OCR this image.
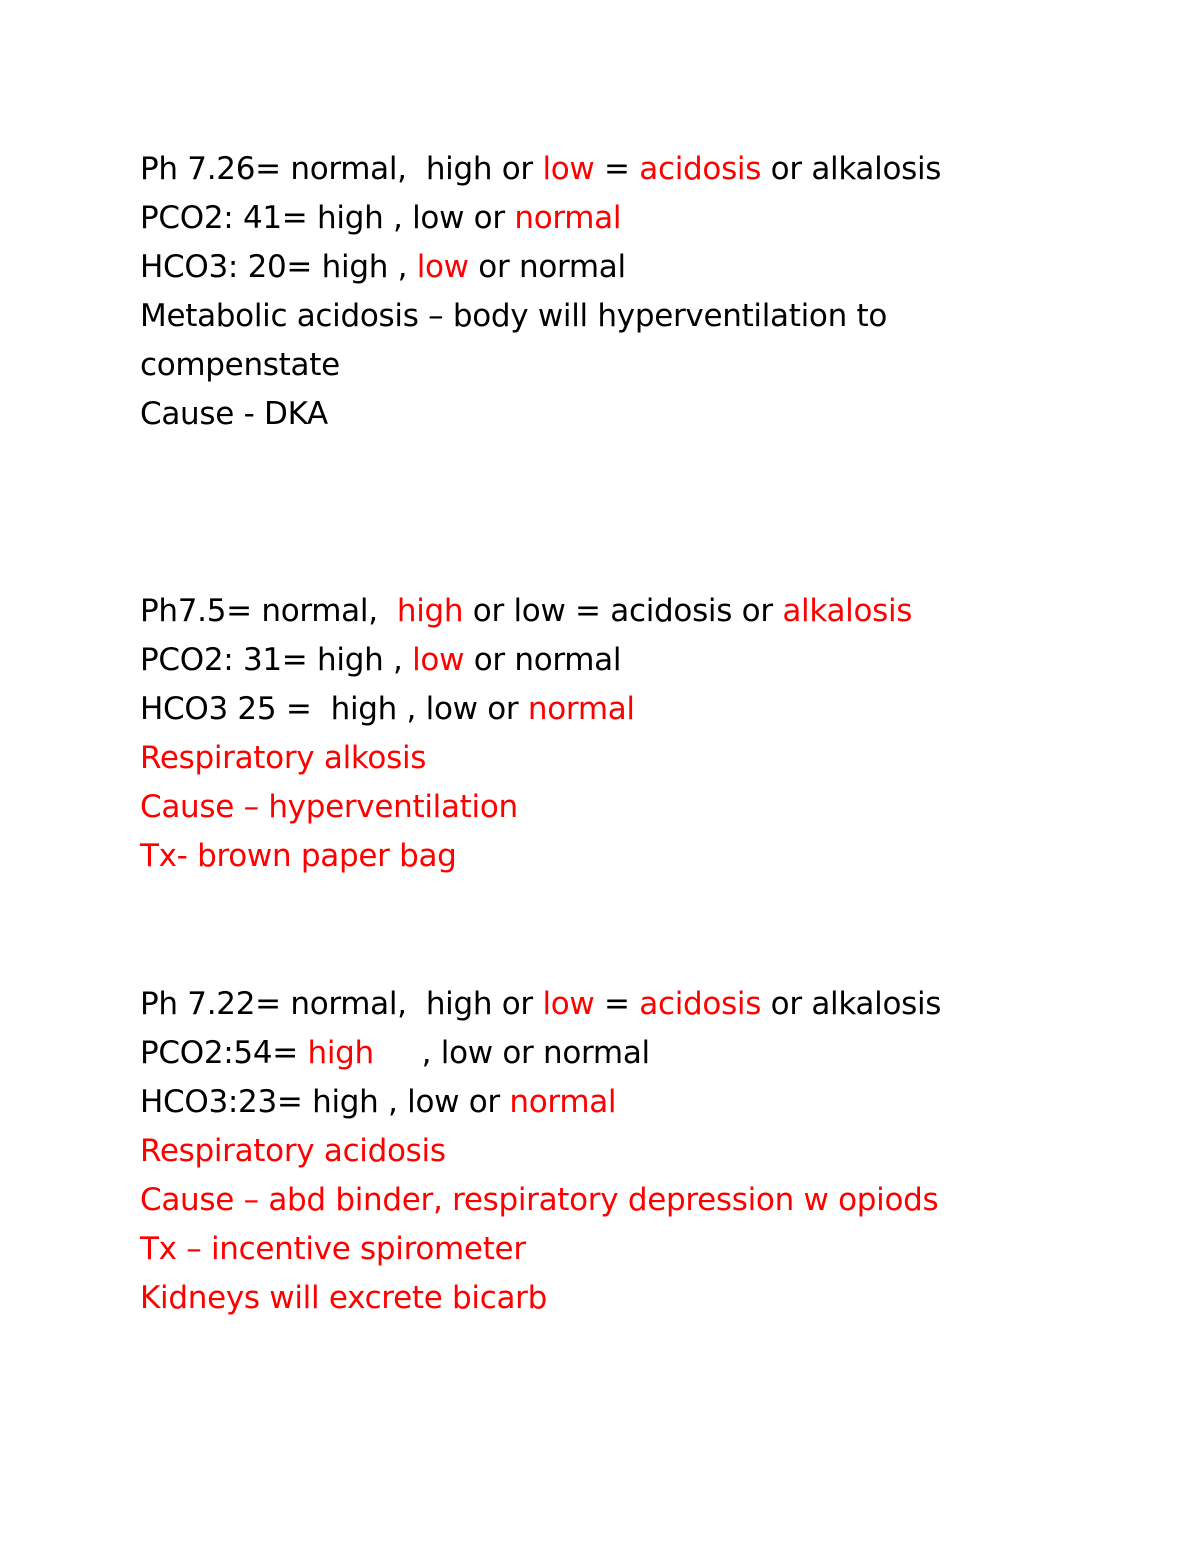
Ph 7.26= normal,  high or low = acidosis or alkalosis
PCO2: 41= high , low or normal
HCO3: 20= high , low or normal
Metabolic acidosis – body will hyperventilation to
compenstate
Cause - DKA
Ph7.5= normal,  high or low = acidosis or alkalosis
PCO2: 31= high , low or normal
HCO3 25 =  high , low or normal
Respiratory alkosis
Cause – hyperventilation
Tx- brown paper bag
Ph 7.22= normal,  high or low = acidosis or alkalosis
PCO2:54= high     , low or normal
HCO3:23= high , low or normal
Respiratory acidosis
Cause – abd binder, respiratory depression w opiods
Tx – incentive spirometer
Kidneys will excrete bicarb
